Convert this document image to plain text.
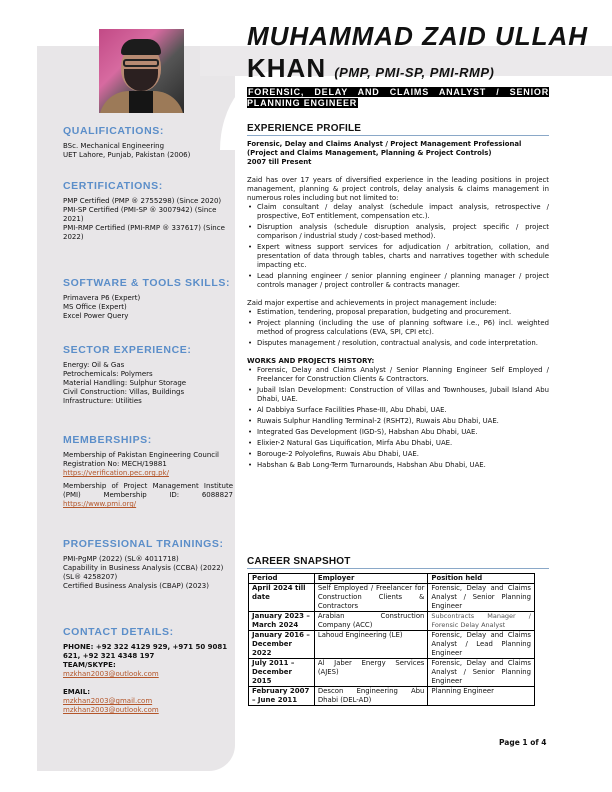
MUHAMMAD ZAID ULLAH
KHAN (PMP, PMI-SP, PMI-RMP)
FORENSIC, DELAY AND CLAIMS ANALYST / SENIOR PLANNING ENGINEER
QUALIFICATIONS:

BSc. Mechanical Engineering

UET Lahore, Punjab, Pakistan (2006)

CERTIFICATIONS:

PMP Certified (PMP ® 2755298) (Since 2020)

PMI-SP Certified (PMI-SP ® 3007942) (Since 2021)

PMI-RMP Certified (PMI-RMP ® 337617) (Since 2022)

SOFTWARE & TOOLS SKILLS:

Primavera P6 (Expert)

MS Office (Expert)

Excel Power Query

SECTOR EXPERIENCE:

Energy: Oil & Gas

Petrochemicals: Polymers

Material Handling: Sulphur Storage

Civil Construction: Villas, Buildings

Infrastructure: Utilities

MEMBERSHIPS:

Membership of Pakistan Engineering Council Registration No: MECH/19881

https://verification.pec.org.pk/

Membership of Project Management Institute (PMI) Membership ID: 6088827 https://www.pmi.org/

PROFESSIONAL TRAININGS:

PMI-PgMP (2022) (SL® 4011718)

Capability in Business Analysis (CCBA) (2022) (SL® 4258207)

Certified Business Analysis (CBAP) (2023)

CONTACT DETAILS:

PHONE: +92 322 4129 929, +971 50 9081 621, +92 321 4348 197

TEAM/SKYPE:

mzkhan2003@outlook.com

EMAIL:

mzkhan2003@gmail.com

mzkhan2003@outlook.com

EXPERIENCE PROFILE

Forensic, Delay and Claims Analyst / Project Management Professional

(Project and Claims Management, Planning & Project Controls)

2007 till Present

Zaid has over 17 years of diversified experience in the leading positions in project management, planning & project controls, delay analysis & claims management in numerous roles including but not limited to:

• Claim consultant / delay analyst (schedule impact analysis, retrospective / prospective, EoT entitlement, compensation etc.).
• Disruption analysis (schedule disruption analysis, project specific / project comparison / industrial study / cost-based method).
• Expert witness support services for adjudication / arbitration, collation, and presentation of data through tables, charts and narratives together with schedule impacting etc.
• Lead planning engineer / senior planning engineer / planning manager / project controls manager / project controller & contracts manager.

Zaid major expertise and achievements in project management include:

• Estimation, tendering, proposal preparation, budgeting and procurement.
• Project planning (including the use of planning software i.e., P6) incl. weighted method of progress calculations (EVA, SPI, CPI etc).
• Disputes management / resolution, contractual analysis, and code interpretation.

WORKS AND PROJECTS HISTORY:

• Forensic, Delay and Claims Analyst / Senior Planning Engineer Self Employed / Freelancer for Construction Clients & Contractors.
• Jubail Islan Development: Construction of Villas and Townhouses, Jubail Island Abu Dhabi, UAE.
• Al Dabbiya Surface Facilities Phase-III, Abu Dhabi, UAE.
• Ruwais Sulphur Handling Terminal-2 (RSHT2), Ruwais Abu Dhabi, UAE.
• Integrated Gas Development (IGD-S), Habshan Abu Dhabi, UAE.
• Elixier-2 Natural Gas Liquification, Mirfa Abu Dhabi, UAE.
• Borouge-2 Polyolefins, Ruwais Abu Dhabi, UAE.
• Habshan & Bab Long-Term Turnarounds, Habshan Abu Dhabi, UAE.
CAREER SNAPSHOT
Period	Employer	Position held
April 2024 till date	Self Employed / Freelancer for Construction Clients & Contractors	Forensic, Delay and Claims Analyst / Senior Planning Engineer
January 2023 – March 2024	Arabian Construction Company (ACC)	Subcontracts Manager / Forensic Delay Analyst
January 2016 – December 2022	Lahoud Engineering (LE)	Forensic, Delay and Claims Analyst / Lead Planning Engineer
July 2011 – December 2015	Al Jaber Energy Services (AJES)	Forensic, Delay and Claims Analyst / Senior Planning Engineer
February 2007 – June 2011	Descon Engineering Abu Dhabi (DEL-AD)	Planning Engineer
Page 1 of 4
